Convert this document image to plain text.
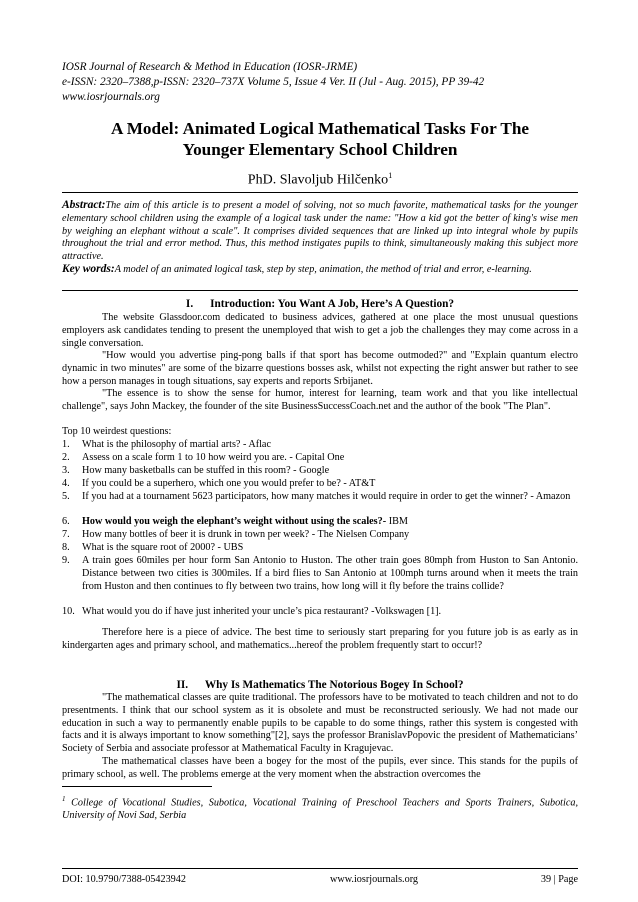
IOSR Journal of Research & Method in Education (IOSR-JRME)
e-ISSN: 2320–7388,p-ISSN: 2320–737X Volume 5, Issue 4 Ver. II (Jul - Aug. 2015), PP 39-42
www.iosrjournals.org
A Model: Animated Logical Mathematical Tasks For The
Younger Elementary School Children
PhD. Slavoljub Hilčenko$^1$
Abstract:The aim of this article is to present a model of solving, not so much favorite, mathematical tasks for the younger elementary school children using the example of a logical task under the name: "How a kid got the better of king's wise men by weighing an elephant without a scale". It comprises divided sequences that are linked up into integral whole by pupils throughout the trial and error method. Thus, this method instigates pupils to think, simultaneously making this subject more attractive.
Key words:A model of an animated logical task, step by step, animation, the method of trial and error, e-learning.
I.      Introduction: You Want A Job, Here’s A Question?
The website Glassdoor.com dedicated to business advices, gathered at one place the most unusual questions employers ask candidates tending to present the unemployed that wish to get a job the challenges they may come across in a single conversation.
"How would you advertise ping-pong balls if that sport has become outmoded?" and "Explain quantum electro dynamic in two minutes" are some of the bizarre questions bosses ask, whilst not expecting the right answer but rather to see how a person manages in tough situations, say experts and reports Srbijanet.
"The essence is to show the sense for humor, interest for learning, team work and that you like intellectual challenge", says John Mackey, the founder of the site BusinessSuccessCoach.net and the author of the book "The Plan".
Top 10 weirdest questions:
1. What is the philosophy of martial arts? - Aflac
2. Assess on a scale form 1 to 10 how weird you are. - Capital One
3. How many basketballs can be stuffed in this room? - Google
4. If you could be a superhero, which one you would prefer to be? - AT&T
5. If you had at a tournament 5623 participators, how many matches it would require in order to get the winner? - Amazon
6. How would you weigh the elephant’s weight without using the scales?- IBM
7. How many bottles of beer it is drunk in town per week? - The Nielsen Company
8. What is the square root of 2000? - UBS
9. A train goes 60miles per hour form San Antonio to Huston. The other train goes 80mph from Huston to San Antonio. Distance between two cities is 300miles. If a bird flies to San Antonio at 100mph turns around when it meets the train from Huston and then continues to fly between two trains, how long will it fly before the trains collide?
10. What would you do if have just inherited your uncle’s pica restaurant? -Volkswagen [1].
Therefore here is a piece of advice. The best time to seriously start preparing for you future job is as early as in kindergarten ages and primary school, and mathematics...hereof the problem frequently start to occur!?
II.      Why Is Mathematics The Notorious Bogey In School?
"The mathematical classes are quite traditional. The professors have to be motivated to teach children and not to do presentments. I think that our school system as it is obsolete and must be reconstructed seriously. We had not made our education in such a way to permanently enable pupils to be capable to do some things, rather this system is congested with facts and it is always important to know something"[2], says the professor BranislavPopovic the president of Mathematicians’ Society of Serbia and associate professor at Mathematical Faculty in Kragujevac.
The mathematical classes have been a bogey for the most of the pupils, ever since. This stands for the pupils of primary school, as well. The problems emerge at the very moment when the abstraction overcomes the
$^1$ College of Vocational Studies, Subotica, Vocational Training of Preschool Teachers and Sports Trainers, Subotica, University of Novi Sad, Serbia
DOI: 10.9790/7388-05423942	www.iosrjournals.org	39 | Page
